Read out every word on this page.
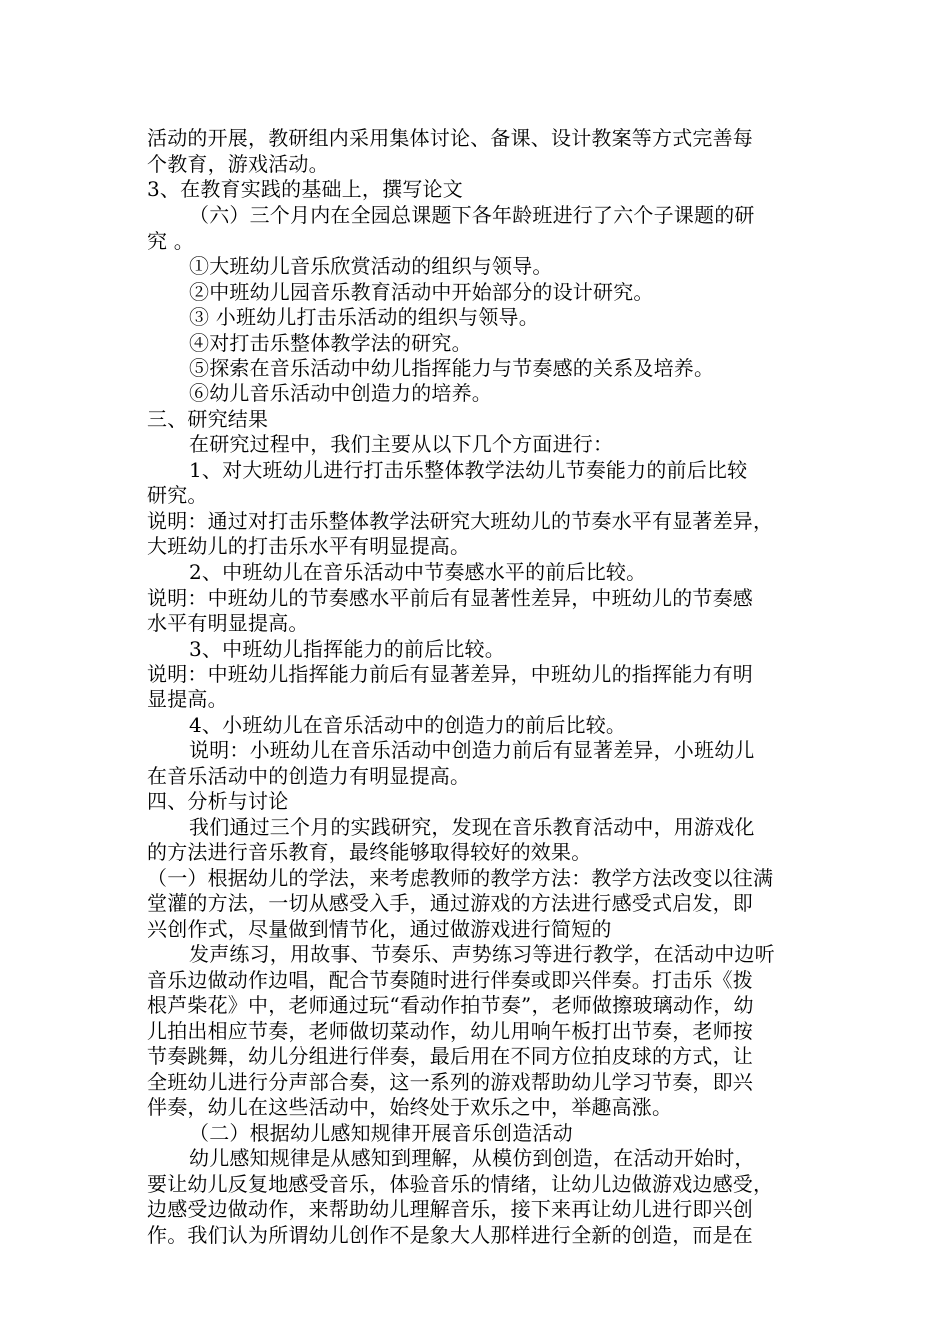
活动的开展，教研组内采用集体讨论、备课、设计教案等方式完善每
个教育，游戏活动。
3、在教育实践的基础上，撰写论文
（六）三个月内在全园总课题下各年龄班进行了六个子课题的研
究 。
①大班幼儿音乐欣赏活动的组织与领导。
②中班幼儿园音乐教育活动中开始部分的设计研究。
③ 小班幼儿打击乐活动的组织与领导。
④对打击乐整体教学法的研究。
⑤探索在音乐活动中幼儿指挥能力与节奏感的关系及培养。
⑥幼儿音乐活动中创造力的培养。
三、研究结果
在研究过程中，我们主要从以下几个方面进行：
1、对大班幼儿进行打击乐整体教学法幼儿节奏能力的前后比较
研究。
说明：通过对打击乐整体教学法研究大班幼儿的节奏水平有显著差异，
大班幼儿的打击乐水平有明显提高。
2、中班幼儿在音乐活动中节奏感水平的前后比较。
说明：中班幼儿的节奏感水平前后有显著性差异，中班幼儿的节奏感
水平有明显提高。
3、中班幼儿指挥能力的前后比较。
说明：中班幼儿指挥能力前后有显著差异，中班幼儿的指挥能力有明
显提高。
4、小班幼儿在音乐活动中的创造力的前后比较。
说明：小班幼儿在音乐活动中创造力前后有显著差异，小班幼儿
在音乐活动中的创造力有明显提高。
四、分析与讨论
我们通过三个月的实践研究，发现在音乐教育活动中，用游戏化
的方法进行音乐教育，最终能够取得较好的效果。
（一）根据幼儿的学法，来考虑教师的教学方法：教学方法改变以往满
堂灌的方法，一切从感受入手，通过游戏的方法进行感受式启发，即
兴创作式，尽量做到情节化，通过做游戏进行简短的
发声练习，用故事、节奏乐、声势练习等进行教学，在活动中边听
音乐边做动作边唱，配合节奏随时进行伴奏或即兴伴奏。打击乐《拨
根芦柴花》中，老师通过玩“看动作拍节奏”，老师做擦玻璃动作，幼
儿拍出相应节奏，老师做切菜动作，幼儿用响午板打出节奏，老师按
节奏跳舞，幼儿分组进行伴奏，最后用在不同方位拍皮球的方式，让
全班幼儿进行分声部合奏，这一系列的游戏帮助幼儿学习节奏，即兴
伴奏，幼儿在这些活动中，始终处于欢乐之中，举趣高涨。
（二）根据幼儿感知规律开展音乐创造活动
幼儿感知规律是从感知到理解，从模仿到创造，在活动开始时，
要让幼儿反复地感受音乐，体验音乐的情绪，让幼儿边做游戏边感受，
边感受边做动作，来帮助幼儿理解音乐，接下来再让幼儿进行即兴创
作。我们认为所谓幼儿创作不是象大人那样进行全新的创造，而是在
